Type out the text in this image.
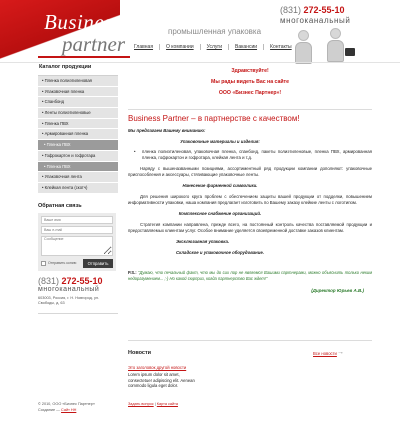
Business
partner
промышленная упаковка
(831) 272-55-10
многоканальный
Главная	О компании	Услуги	Вакансии	Контакты
Каталог продукции
• Пленка полиэтиленовая
• Упаковочная пленка
• Спанбонд
• Ленты полиэтиленовые
• Пленка ПВХ
• Армированная пленка
• Пленка ПВХ
• Гофрокартон и гофротара
• Пленка ПВХ
• Упаковочная лента
• Клейкая лента (скотч)
Обратная связь
Ваше имя
Ваш e-mail
Сообщение
Отправить копию	Отправить
(831) 272-55-10
многоканальный
603003, Россия, г. Н. Новгород, ул. Свободы, д. 63
Здравствуйте!
Мы рады видеть Вас на сайте
ООО «Бизнес Партнер»!
Business Partner – в партнерстве с качеством!
Мы предлагаем Вашему вниманию:
Упаковочные материалы и изделия:
•	пленка полиэтиленовая, упаковочная пленка, спанбонд, пакеты полиэтиленовые, пленка ПВХ, армированная пленка, гофрокартон и гофротара, клейкая лента и т.д.
Наряду с вышеназванными позициями, ассортиментный ряд продукции компании дополняют: упаковочные приспособления и аксессуары, стягивающие упаковочные ленты.
Нанесение фирменной символики.
Для решения широкого круга проблем с обеспечением защиты вашей продукции от подделки, повышением информативности упаковки, наша компания предлагает изготовить по Вашему заказу клейкие ленты с логотипом.
Комплексное снабжение организаций.
Стратегия компании направлена, прежде всего, на постоянный контроль качества поставляемой продукции и предоставляемых клиентам услуг. Особое внимание уделяется своевременной доставке заказов клиентам.
Эксклюзивная упаковка.
Складское и упаковочное оборудование.
P.S.: "Думаю, что печальный факт, что мы до сих пор не являемся Вашими партнерами, можно объяснить только неким недоразумением... ;-) Но какой сюрприз, когда партнерство Вас ждет!"
(Директор Юрьев А.В.)
Новости	Все новости →
Это заголовок другой новости
Lorem ipsum dolor sit amet, consectetuer adipiscing elit. Aenean commodo ligula eget dolor.
Задать вопрос | Карта сайта
© 2010, ООО «Бизнес Партнер»
Создание — Сайт НН
